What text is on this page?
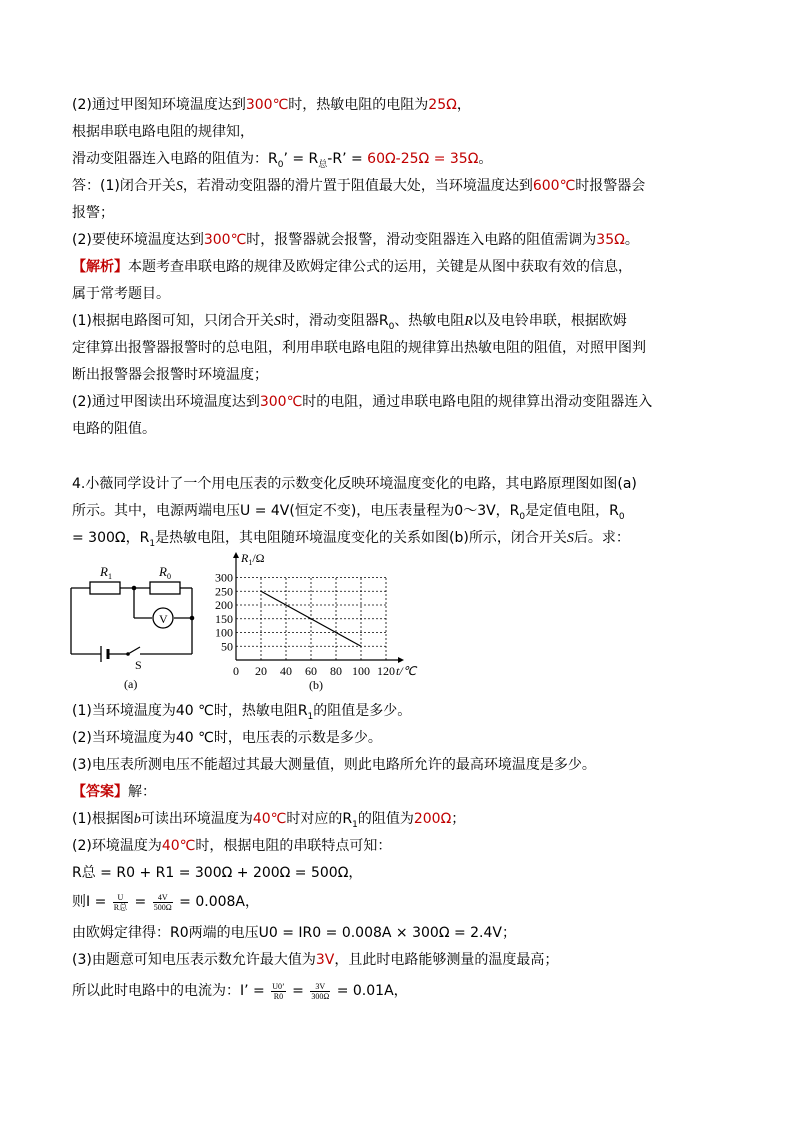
(2)通过甲图知环境温度达到300℃时，热敏电阻的电阻为25Ω，
根据串联电路电阻的规律知，
滑动变阻器连入电路的阻值为：$R_0$’ = $R_总-R$’ = 60Ω-25Ω = 35Ω。
答：(1)闭合开关S，若滑动变阻器的滑片置于阻值最大处，当环境温度达到600℃时报警器会
报警；
(2)要使环境温度达到300℃时，报警器就会报警，滑动变阻器连入电路的阻值需调为35Ω。
【解析】本题考查串联电路的规律及欧姆定律公式的运用，关键是从图中获取有效的信息，
属于常考题目。
(1)根据电路图可知，只闭合开关S时，滑动变阻器$R_0$、热敏电阻R以及电铃串联，根据欧姆
定律算出报警器报警时的总电阻，利用串联电路电阻的规律算出热敏电阻的阻值，对照甲图判
断出报警器会报警时环境温度；
(2)通过甲图读出环境温度达到300℃时的电阻，通过串联电路电阻的规律算出滑动变阻器连入
电路的阻值。
4.小薇同学设计了一个用电压表的示数变化反映环境温度变化的电路，其电路原理图如图(a)
所示。其中，电源两端电压U = 4V(恒定不变)，电压表量程为0～3V，$R_0$是定值电阻，$R_0$
= 300Ω，$R_1$是热敏电阻，其电阻随环境温度变化的关系如图(b)所示，闭合开关S后。求：
$R_1$	$R_0$
V
S
(a)
50
100
150
200
250
300
0 20 40 60 80 100 120
$R_1/\Omega$
t/℃
(b)
(1)当环境温度为40 ℃时，热敏电阻$R_1$的阻值是多少。
(2)当环境温度为40 ℃时，电压表的示数是多少。
(3)电压表所测电压不能超过其最大测量值，则此电路所允许的最高环境温度是多少。
【答案】解：
(1)根据图b可读出环境温度为40℃时对应的$R_1$的阻值为200Ω；
(2)环境温度为40℃时，根据电阻的串联特点可知：
R总 = R0 + R1 = 300Ω + 200Ω = 500Ω，
则$I = \frac{U}{\text{R总}} = \frac{4V}{500\Omega} = 0.008A$，
由欧姆定律得：R0两端的电压U0 = IR0 = 0.008A × 300Ω = 2.4V；
(3)由题意可知电压表示数允许最大值为3V，且此时电路能够测量的温度最高；
所以此时电路中的电流为：I’ = $\frac{U0’}{R0} = \frac{3V}{300\Omega} = 0.01A$，
